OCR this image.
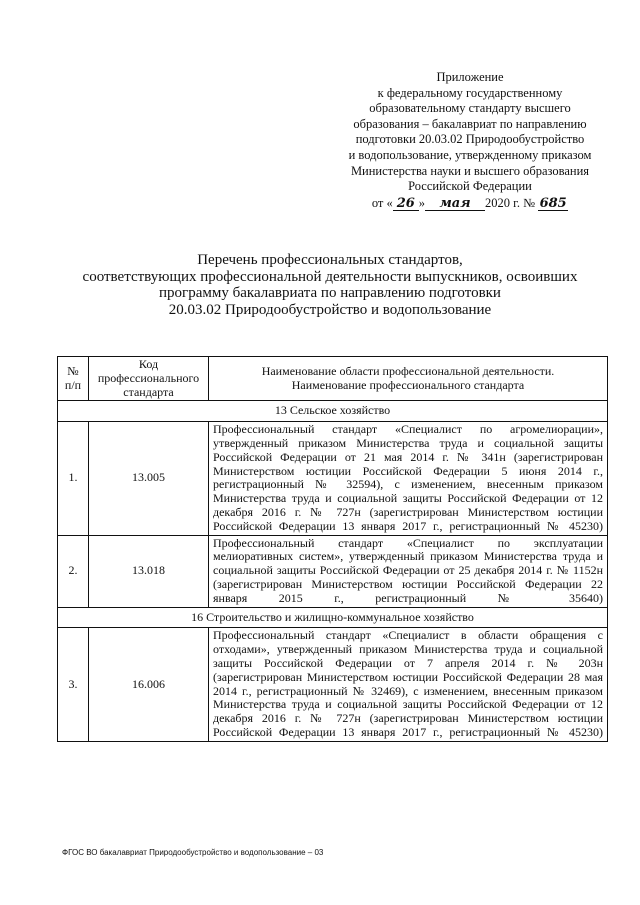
Приложение
к федеральному государственному
образовательному стандарту высшего
образования – бакалавриат по направлению
подготовки 20.03.02 Природообустройство
и водопользование, утвержденному приказом
Министерства науки и высшего образования
Российской Федерации
от « 26 » мая 2020 г. № 685
Перечень профессиональных стандартов,
соответствующих профессиональной деятельности выпускников, освоивших
программу бакалавриата по направлению подготовки
20.03.02 Природообустройство и водопользование
№ п/п	Код профессионального стандарта	Наименование области профессиональной деятельности.
Наименование профессионального стандарта

13 Сельское хозяйство		
1.	13.005	Профессиональный стандарт «Специалист по агромелиорации», утвержденный приказом Министерства труда и социальной защиты Российской Федерации от 21 мая 2014 г. № 341н (зарегистрирован Министерством юстиции Российской Федерации 5 июня 2014 г., регистрационный № 32594), с изменением, внесенным приказом Министерства труда и социальной защиты Российской Федерации от 12 декабря 2016 г. № 727н (зарегистрирован Министерством юстиции Российской Федерации 13 января 2017 г., регистрационный № 45230)
2.	13.018	Профессиональный стандарт «Специалист по эксплуатации мелиоративных систем», утвержденный приказом Министерства труда и социальной защиты Российской Федерации от 25 декабря 2014 г. № 1152н (зарегистрирован Министерством юстиции Российской Федерации 22 января 2015 г., регистрационный № 35640)
16 Строительство и жилищно-коммунальное хозяйство		
3.	16.006	Профессиональный стандарт «Специалист в области обращения с отходами», утвержденный приказом Министерства труда и социальной защиты Российской Федерации от 7 апреля 2014 г. № 203н (зарегистрирован Министерством юстиции Российской Федерации 28 мая 2014 г., регистрационный № 32469), с изменением, внесенным приказом Министерства труда и социальной защиты Российской Федерации от 12 декабря 2016 г. № 727н (зарегистрирован Министерством юстиции Российской Федерации 13 января 2017 г., регистрационный № 45230)
ФГОС ВО бакалавриат Природообустройство и водопользование – 03
